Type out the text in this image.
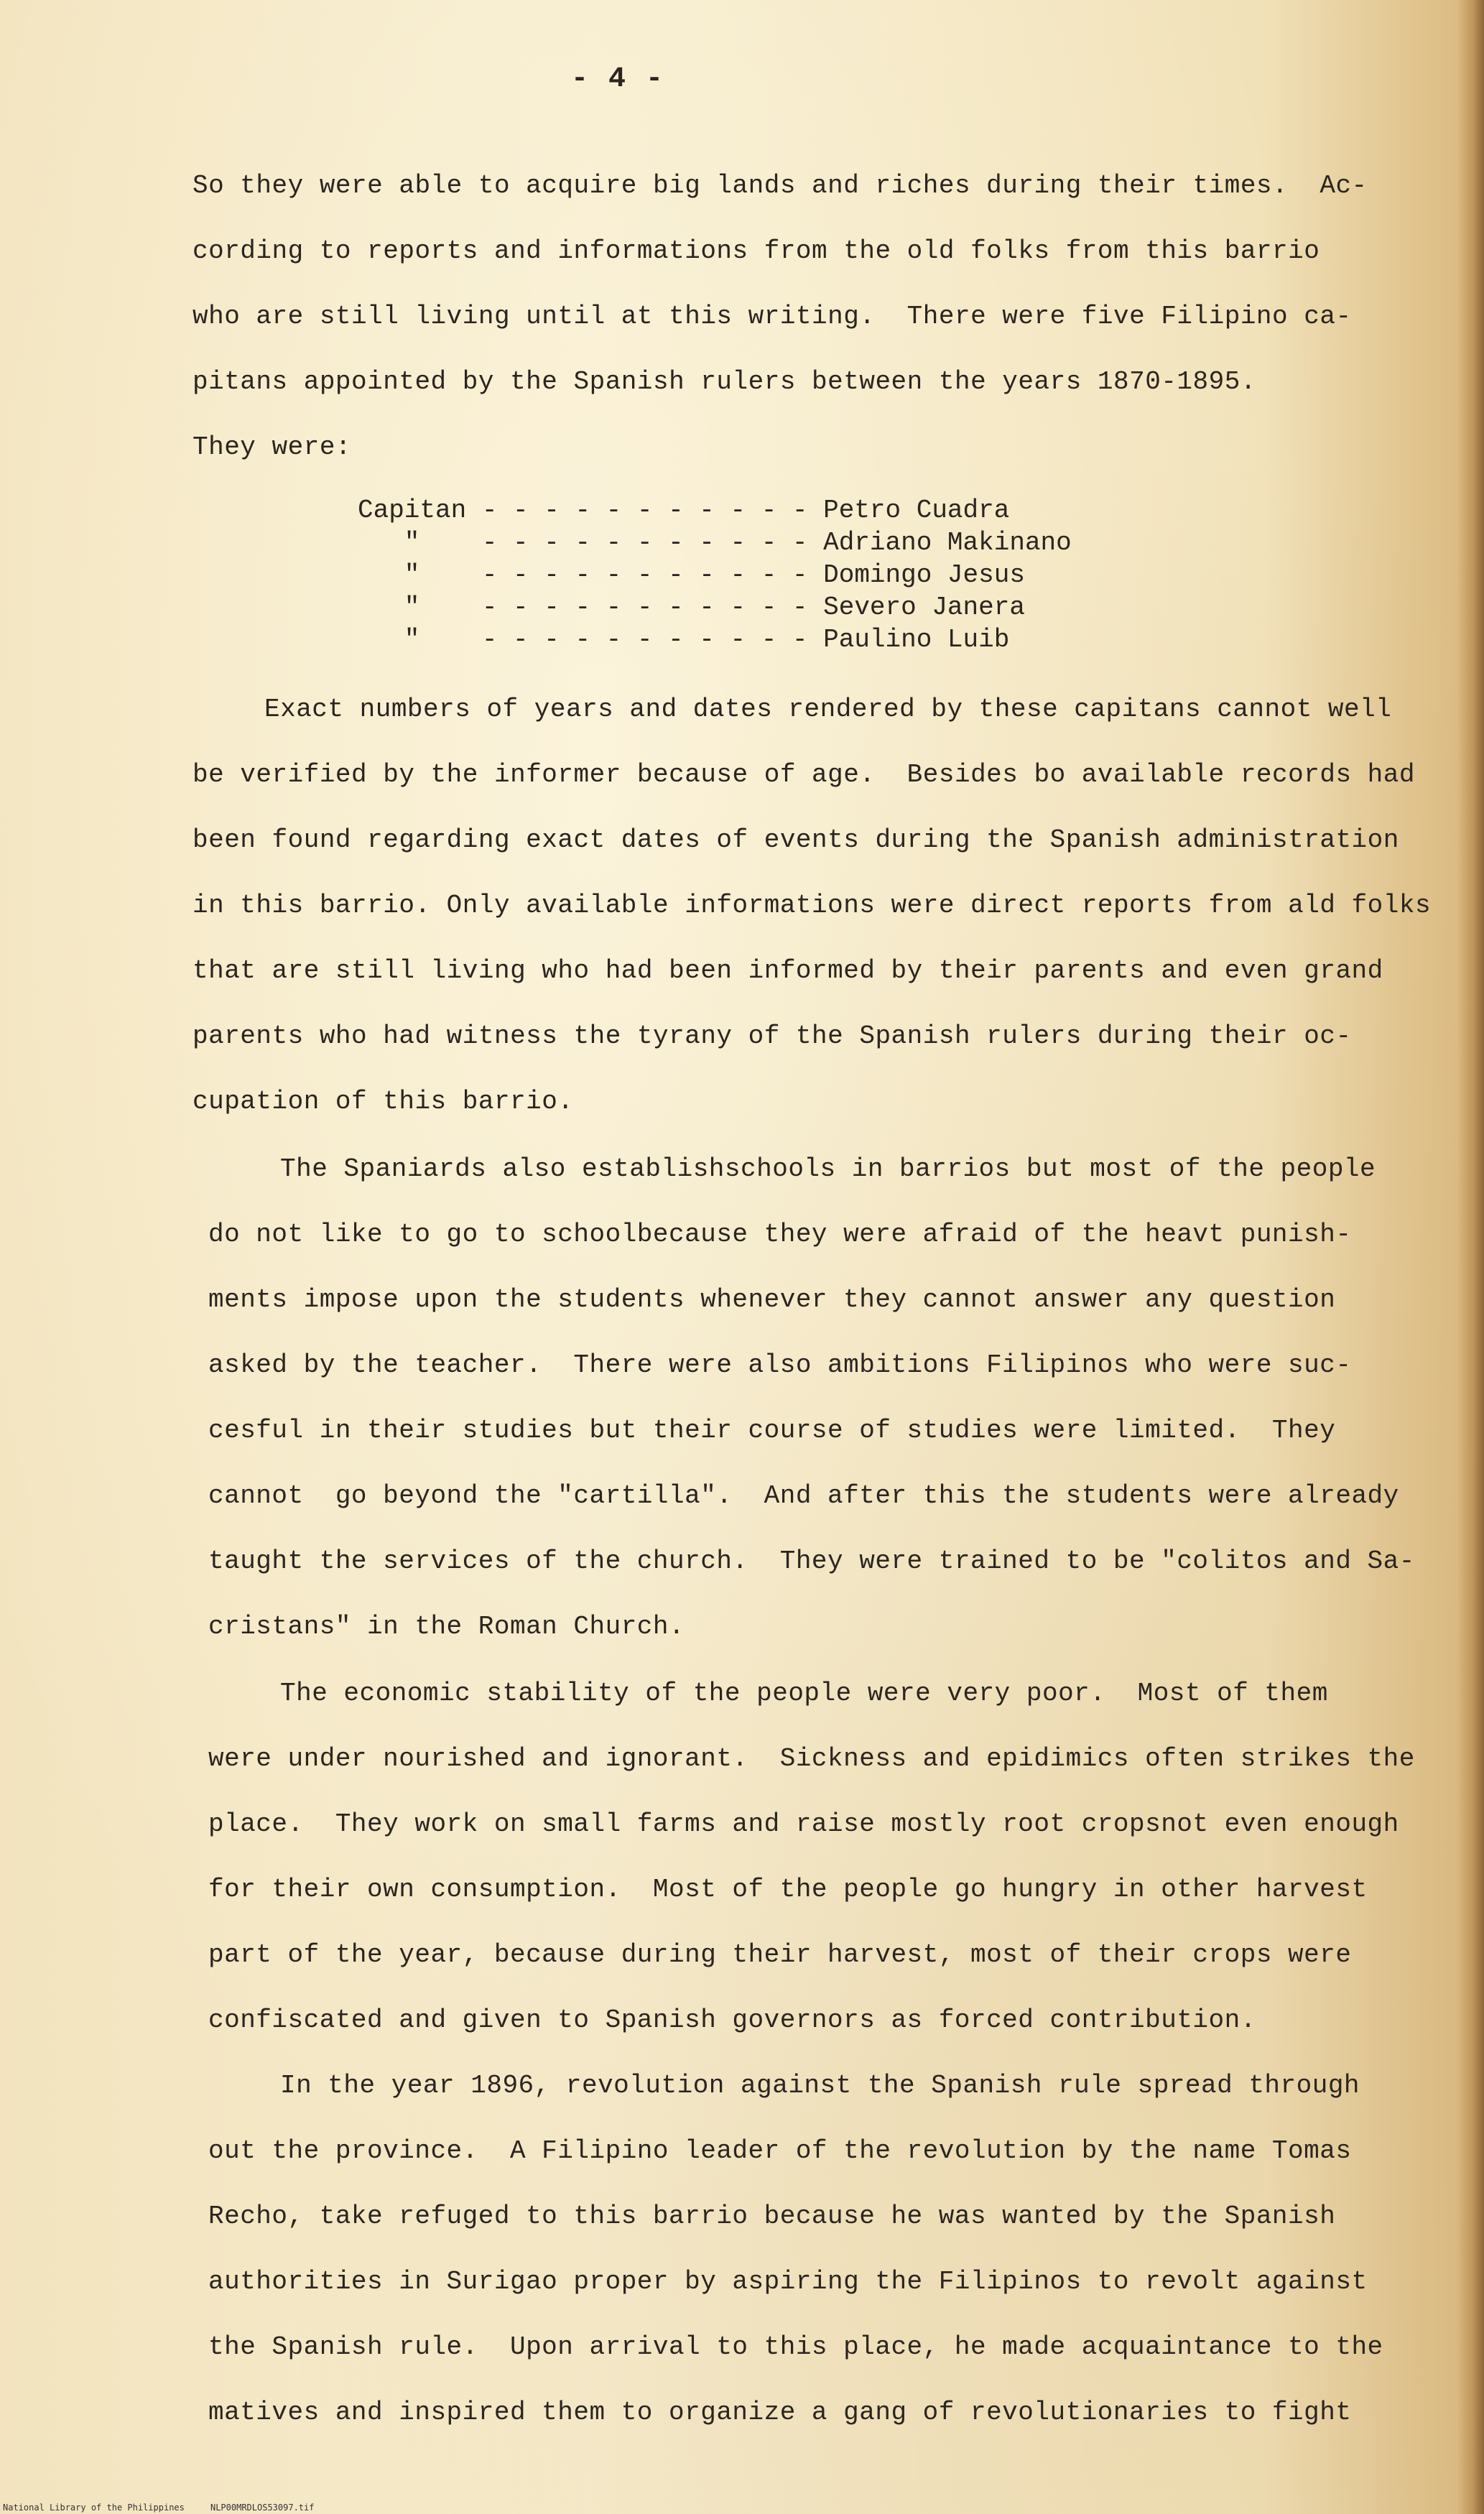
- 4 -
So they were able to acquire big lands and riches during their times.  Ac-
cording to reports and informations from the old folks from this barrio
who are still living until at this writing.  There were five Filipino ca-
pitans appointed by the Spanish rulers between the years 1870-1895.
They were:
Capitan - - - - - - - - - - - Petro Cuadra
"    - - - - - - - - - - - Adriano Makinano
"    - - - - - - - - - - - Domingo Jesus
"    - - - - - - - - - - - Severo Janera
"    - - - - - - - - - - - Paulino Luib
Exact numbers of years and dates rendered by these capitans cannot well
be verified by the informer because of age.  Besides bo available records had
been found regarding exact dates of events during the Spanish administration
in this barrio. Only available informations were direct reports from ald folks
that are still living who had been informed by their parents and even grand
parents who had witness the tyrany of the Spanish rulers during their oc-
cupation of this barrio.
The Spaniards also establishschools in barrios but most of the people
do not like to go to schoolbecause they were afraid of the heavt punish-
ments impose upon the students whenever they cannot answer any question
asked by the teacher.  There were also ambitions Filipinos who were suc-
cesful in their studies but their course of studies were limited.  They
cannot  go beyond the "cartilla".  And after this the students were already
taught the services of the church.  They were trained to be "colitos and Sa-
cristans" in the Roman Church.
The economic stability of the people were very poor.  Most of them
were under nourished and ignorant.  Sickness and epidimics often strikes the
place.  They work on small farms and raise mostly root cropsnot even enough
for their own consumption.  Most of the people go hungry in other harvest
part of the year, because during their harvest, most of their crops were
confiscated and given to Spanish governors as forced contribution.
In the year 1896, revolution against the Spanish rule spread through
out the province.  A Filipino leader of the revolution by the name Tomas
Recho, take refuged to this barrio because he was wanted by the Spanish
authorities in Surigao proper by aspiring the Filipinos to revolt against
the Spanish rule.  Upon arrival to this place, he made acquaintance to the
matives and inspired them to organize a gang of revolutionaries to fight
National Library of the Philippines     NLP00MRDLOS53097.tif
